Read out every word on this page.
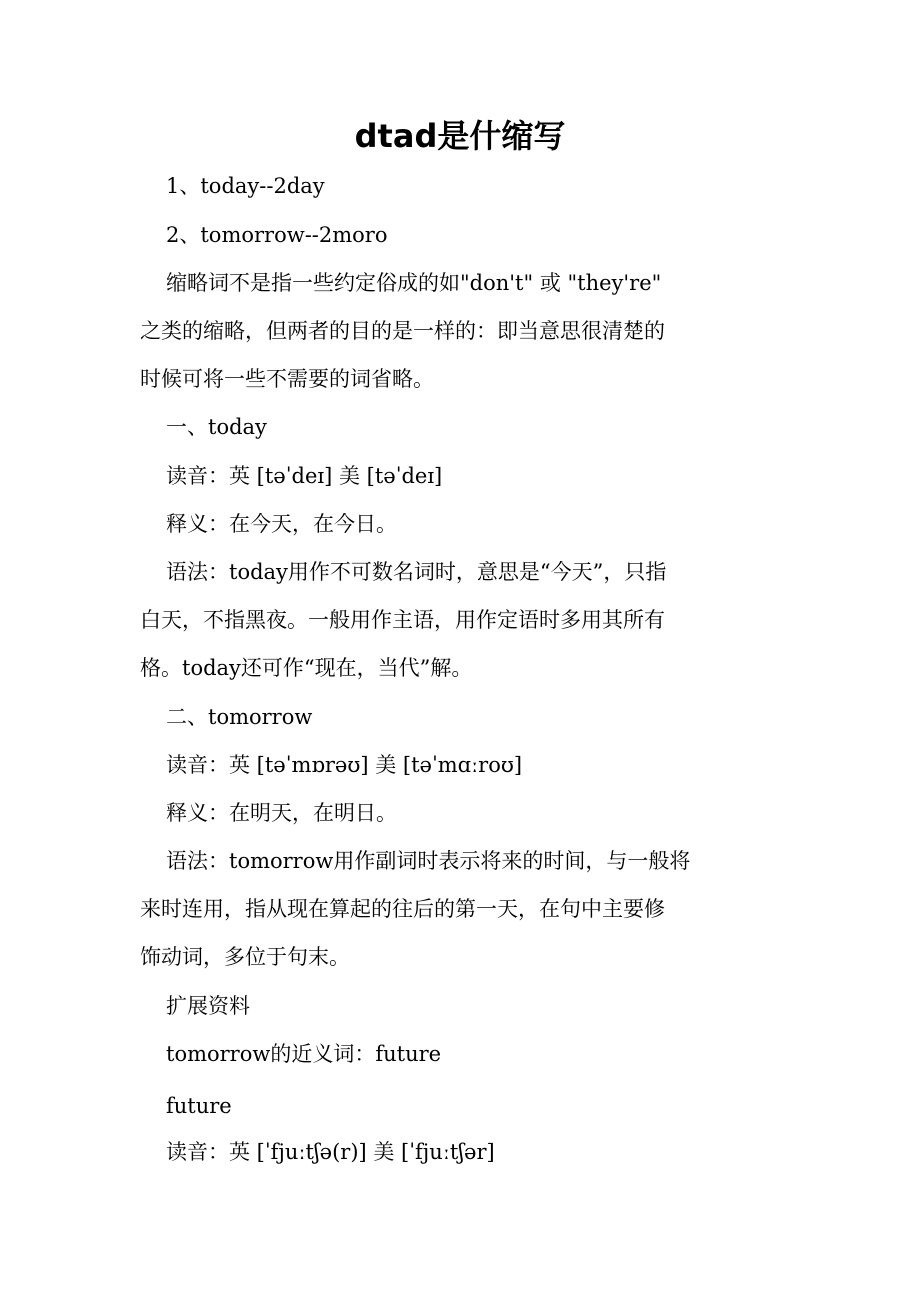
dtad是什缩写
1、today--2day
2、tomorrow--2moro
缩略词不是指一些约定俗成的如"don't" 或 "they're"
之类的缩略，但两者的目的是一样的：即当意思很清楚的
时候可将一些不需要的词省略。
一、today
读音：英 [təˈdeɪ] 美 [təˈdeɪ]
释义：在今天，在今日。
语法：today用作不可数名词时，意思是“今天”，只指
白天，不指黑夜。一般用作主语，用作定语时多用其所有
格。today还可作“现在，当代”解。
二、tomorrow
读音：英 [təˈmɒrəʊ] 美 [təˈmɑːroʊ]
释义：在明天，在明日。
语法：tomorrow用作副词时表示将来的时间，与一般将
来时连用，指从现在算起的往后的第一天，在句中主要修
饰动词，多位于句末。
扩展资料
tomorrow的近义词：future
future
读音：英 [ˈfjuːtʃə(r)] 美 [ˈfjuːtʃər]
